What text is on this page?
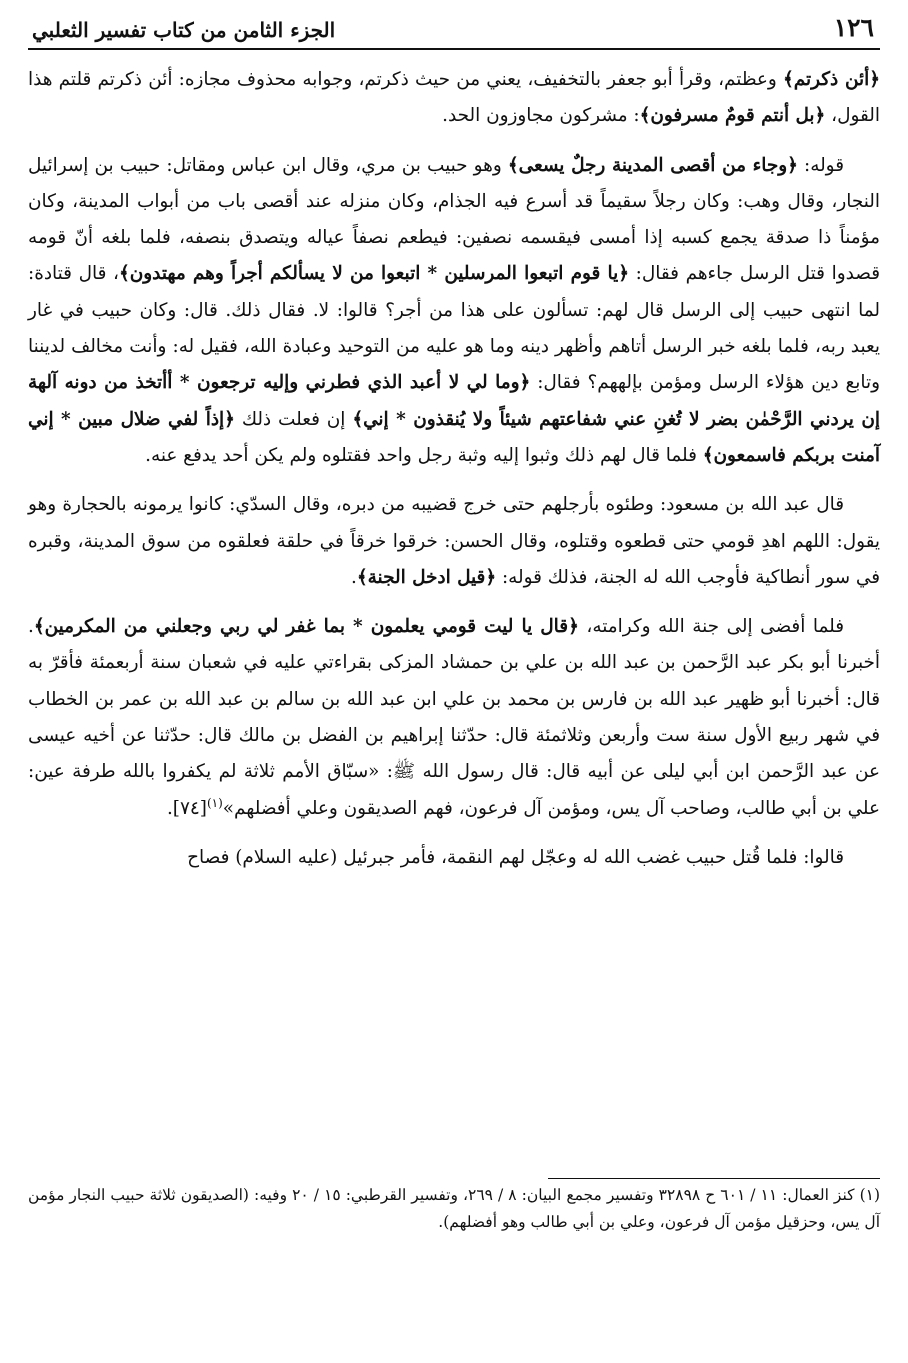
١٢٦
الجزء الثامن من كتاب تفسير الثعلبي

﴿أئن ذكرتم﴾ وعظتم، وقرأ أبو جعفر بالتخفيف، يعني من حيث ذكرتم، وجوابه محذوف مجازه: أئن ذكرتم قلتم هذا القول، ﴿بل أنتم قومٌ مسرفون﴾: مشركون مجاوزون الحد.

قوله: ﴿وجاء من أقصى المدينة رجلٌ يسعى﴾ وهو حبيب بن مري، وقال ابن عباس ومقاتل: حبيب بن إسرائيل النجار، وقال وهب: وكان رجلاً سقيماً قد أسرع فيه الجذام، وكان منزله عند أقصى باب من أبواب المدينة، وكان مؤمناً ذا صدقة يجمع كسبه إذا أمسى فيقسمه نصفين: فيطعم نصفاً عياله ويتصدق بنصفه، فلما بلغه أنّ قومه قصدوا قتل الرسل جاءهم فقال: ﴿يا قوم اتبعوا المرسلين * اتبعوا من لا يسألكم أجراً وهم مهتدون﴾، قال قتادة: لما انتهى حبيب إلى الرسل قال لهم: تسألون على هذا من أجر؟ قالوا: لا. فقال ذلك. قال: وكان حبيب في غار يعبد ربه، فلما بلغه خبر الرسل أتاهم وأظهر دينه وما هو عليه من التوحيد وعبادة الله، فقيل له: وأنت مخالف لديننا وتابع دين هؤلاء الرسل ومؤمن بإلههم؟ فقال: ﴿وما لي لا أعبد الذي فطرني وإليه ترجعون * أأتخذ من دونه آلهة إن يردني الرَّحْمٰن بضر لا تُغنِ عني شفاعتهم شيئاً ولا يُنقذون * إني﴾ إن فعلت ذلك ﴿إذاً لفي ضلال مبين * إني آمنت بربكم فاسمعون﴾ فلما قال لهم ذلك وثبوا إليه وثبة رجل واحد فقتلوه ولم يكن أحد يدفع عنه.

قال عبد الله بن مسعود: وطئوه بأرجلهم حتى خرج قضيبه من دبره، وقال السدّي: كانوا يرمونه بالحجارة وهو يقول: اللهم اهدِ قومي حتى قطعوه وقتلوه، وقال الحسن: خرقوا خرقاً في حلقة فعلقوه من سوق المدينة، وقبره في سور أنطاكية فأوجب الله له الجنة، فذلك قوله: ﴿قيل ادخل الجنة﴾.

فلما أفضى إلى جنة الله وكرامته، ﴿قال يا ليت قومي يعلمون * بما غفر لي ربي وجعلني من المكرمين﴾. أخبرنا أبو بكر عبد الرَّحمن بن عبد الله بن علي بن حمشاد المزكى بقراءتي عليه في شعبان سنة أربعمئة فأقرّ به قال: أخبرنا أبو ظهير عبد الله بن فارس بن محمد بن علي ابن عبد الله بن سالم بن عبد الله بن عمر بن الخطاب في شهر ربيع الأول سنة ست وأربعن وثلاثمئة قال: حدّثنا إبراهيم بن الفضل بن مالك قال: حدّثنا عن أخيه عيسى عن عبد الرَّحمن ابن أبي ليلى عن أبيه قال: قال رسول الله ﷺ: «سبّاق الأمم ثلاثة لم يكفروا بالله طرفة عين: علي بن أبي طالب، وصاحب آل يس، ومؤمن آل فرعون، فهم الصديقون وعلي أفضلهم»$^{(١)}$[٧٤].

قالوا: فلما قُتل حبيب غضب الله له وعجّل لهم النقمة، فأمر جبرئيل (عليه السلام) فصاح

(١) كنز العمال: ١١ / ٦٠١ ح ٣٢٨٩٨ وتفسير مجمع البيان: ٨ / ٢٦٩، وتفسير القرطبي: ١٥ / ٢٠ وفيه: (الصديقون ثلاثة حبيب النجار مؤمن آل يس، وحزقيل مؤمن آل فرعون، وعلي بن أبي طالب وهو أفضلهم).
